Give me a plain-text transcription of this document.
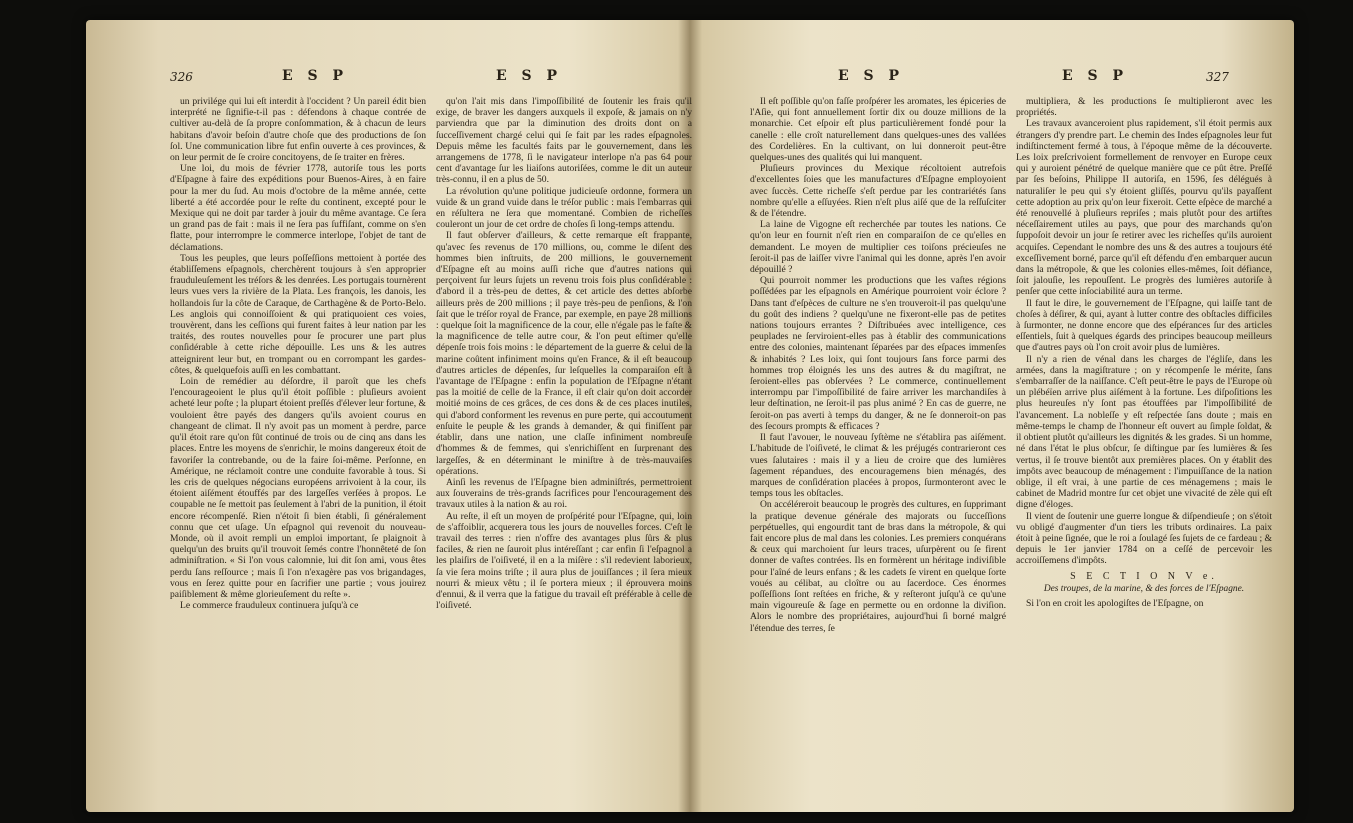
326	E S P	E S P

un privilége qui lui eſt interdit à l'occident ? Un pareil édit bien interprété ne ſignifie-t-il pas : défendons à chaque contrée de cultiver au-delà de ſa propre conſommation, & à chacun de leurs habitans d'avoir beſoin d'autre choſe que des productions de ſon ſol. Une communication libre fut enfin ouverte à ces provinces, & on leur permit de ſe croire concitoyens, de ſe traiter en frères.

Une loi, du mois de février 1778, autoriſe tous les ports d'Eſpagne à faire des expéditions pour Buenos-Aires, à en faire pour la mer du ſud. Au mois d'octobre de la même année, cette liberté a été accordée pour le reſte du continent, excepté pour le Mexique qui ne doit par tarder à jouir du même avantage. Ce ſera un grand pas de fait : mais il ne ſera pas ſuffiſant, comme on s'en flatte, pour interrompre le commerce interlope, l'objet de tant de déclamations.

Tous les peuples, que leurs poſſeſſions mettoient à portée des établiſſemens eſpagnols, cherchèrent toujours à s'en approprier frauduleuſement les tréſors & les denrées. Les portugais tournèrent leurs vues vers la rivière de la Plata. Les françois, les danois, les hollandois ſur la côte de Caraque, de Carthagène & de Porto-Belo. Les anglois qui connoiſſoient & qui pratiquoient ces voies, trouvèrent, dans les ceſſions qui furent faites à leur nation par les traités, des routes nouvelles pour ſe procurer une part plus conſidérable à cette riche dépouille. Les uns & les autres atteignirent leur but, en trompant ou en corrompant les gardes-côtes, & quelquefois auſſi en les combattant.

Loin de remédier au déſordre, il paroît que les chefs l'encourageoient le plus qu'il étoit poſſible : pluſieurs avoient acheté leur poſte ; la plupart étoient preſſés d'élever leur fortune, & vouloient être payés des dangers qu'ils avoient courus en changeant de climat. Il n'y avoit pas un moment à perdre, parce qu'il étoit rare qu'on fût continué de trois ou de cinq ans dans les places. Entre les moyens de s'enrichir, le moins dangereux étoit de favoriſer la contrebande, ou de la faire ſoi-même. Perſonne, en Amérique, ne réclamoit contre une conduite favorable à tous. Si les cris de quelques négocians européens arrivoient à la cour, ils étoient aiſément étouffés par des largeſſes verſées à propos. Le coupable ne ſe mettoit pas ſeulement à l'abri de la punition, il étoit encore récompenſé. Rien n'étoit ſi bien établi, ſi généralement connu que cet uſage. Un eſpagnol qui revenoit du nouveau-Monde, où il avoit rempli un emploi important, ſe plaignoit à quelqu'un des bruits qu'il trouvoit ſemés contre l'honnêteté de ſon adminiſtration. « Si l'on vous calomnie, lui dit ſon ami, vous êtes perdu ſans reſſource ; mais ſi l'on n'exagère pas vos brigandages, vous en ſerez quitte pour en ſacrifier une partie ; vous jouirez paiſiblement & même glorieuſement du reſte ».

Le commerce frauduleux continuera juſqu'à ce

qu'on l'ait mis dans l'impoſſibilité de ſoutenir les frais qu'il exige, de braver les dangers auxquels il expoſe, & jamais on n'y parviendra que par la diminution des droits dont on a ſucceſſivement chargé celui qui ſe fait par les rades eſpagnoles. Depuis même les facultés faits par le gouvernement, dans les arrangemens de 1778, ſi le navigateur interlope n'a pas 64 pour cent d'avantage ſur les liaiſons autoriſées, comme le dit un auteur très-connu, il en a plus de 50.

La révolution qu'une politique judicieuſe ordonne, formera un vuide & un grand vuide dans le tréſor public : mais l'embarras qui en réſultera ne ſera que momentané. Combien de richeſſes couleront un jour de cet ordre de choſes ſi long-temps attendu.

Il faut obſerver d'ailleurs, & cette remarque eſt frappante, qu'avec ſes revenus de 170 millions, ou, comme le diſent des hommes bien inſtruits, de 200 millions, le gouvernement d'Eſpagne eſt au moins auſſi riche que d'autres nations qui perçoivent ſur leurs ſujets un revenu trois fois plus conſidérable : d'abord il a très-peu de dettes, & cet article des dettes abſorbe ailleurs près de 200 millions ; il paye très-peu de penſions, & l'on ſait que le tréſor royal de France, par exemple, en paye 28 millions : quelque ſoit la magnificence de la cour, elle n'égale pas le faſte & la magnificence de telle autre cour, & l'on peut eſtimer qu'elle dépenſe trois fois moins : le département de la guerre & celui de la marine coûtent infiniment moins qu'en France, & il eſt beaucoup d'autres articles de dépenſes, ſur leſquelles la comparaiſon eſt à l'avantage de l'Eſpagne : enfin la population de l'Eſpagne n'étant pas la moitié de celle de la France, il eſt clair qu'on doit accorder moitié moins de ces grâces, de ces dons & de ces places inutiles, qui d'abord conforment les revenus en pure perte, qui accoutument enſuite le peuple & les grands à demander, & qui finiſſent par établir, dans une nation, une claſſe infiniment nombreuſe d'hommes & de femmes, qui s'enrichiſſent en ſurprenant des largeſſes, & en déterminant le miniſtre à de très-mauvaiſes opérations.

Ainſi les revenus de l'Eſpagne bien adminiſtrés, permettroient aux ſouverains de très-grands ſacrifices pour l'encouragement des travaux utiles à la nation & au roi.

Au reſte, il eſt un moyen de proſpérité pour l'Eſpagne, qui, loin de s'affoiblir, acquerera tous les jours de nouvelles forces. C'eſt le travail des terres : rien n'offre des avantages plus ſûrs & plus faciles, & rien ne ſauroit plus intéreſſant ; car enfin ſi l'eſpagnol a les plaiſirs de l'oiſiveté, il en a la miſère : s'il redevient laborieux, ſa vie ſera moins triſte ; il aura plus de jouiſſances ; il ſera mieux nourri & mieux vêtu ; il ſe portera mieux ; il éprouvera moins d'ennui, & il verra que la fatigue du travail eſt préférable à celle de l'oiſiveté.

E S P	E S P	327

Il eſt poſſible qu'on faſſe proſpérer les aromates, les épiceries de l'Aſie, qui font annuellement ſortir dix ou douze millions de la monarchie. Cet eſpoir eſt plus particulièrement fondé pour la canelle : elle croît naturellement dans quelques-unes des vallées des Cordelières. En la cultivant, on lui donneroit peut-être quelques-unes des qualités qui lui manquent.

Pluſieurs provinces du Mexique récoltoient autrefois d'excellentes ſoies que les manufactures d'Eſpagne employoient avec ſuccès. Cette richeſſe s'eſt perdue par les contrariétés ſans nombre qu'elle a eſſuyées. Rien n'eſt plus aiſé que de la reſſuſciter & de l'étendre.

La laine de Vigogne eſt recherchée par toutes les nations. Ce qu'on leur en fournit n'eſt rien en comparaiſon de ce qu'elles en demandent. Le moyen de multiplier ces toiſons précieuſes ne ſeroit-il pas de laiſſer vivre l'animal qui les donne, après l'en avoir dépouillé ?

Qui pourroit nommer les productions que les vaſtes régions poſſédées par les eſpagnols en Amérique pourroient voir éclore ? Dans tant d'eſpèces de culture ne s'en trouveroit-il pas quelqu'une du goût des indiens ? quelqu'une ne fixeront-elle pas de petites nations toujours errantes ? Diſtribuées avec intelligence, ces peuplades ne ſerviroient-elles pas à établir des communications entre des colonies, maintenant ſéparées par des eſpaces immenſes & inhabités ? Les loix, qui ſont toujours ſans force parmi des hommes trop éloignés les uns des autres & du magiſtrat, ne ſeroient-elles pas obſervées ? Le commerce, continuellement interrompu par l'impoſſibilité de faire arriver les marchandiſes à leur deſtination, ne ſeroit-il pas plus animé ? En cas de guerre, ne ſeroit-on pas averti à temps du danger, & ne ſe donneroit-on pas des ſecours prompts & efficaces ?

Il faut l'avouer, le nouveau ſyſtème ne s'établira pas aiſément. L'habitude de l'oiſiveté, le climat & les préjugés contrarieront ces vues ſalutaires : mais il y a lieu de croire que des lumières ſagement répandues, des encouragemens bien ménagés, des marques de conſidération placées à propos, ſurmonteront avec le temps tous les obſtacles.

On accéléreroit beaucoup le progrès des cultures, en ſupprimant la pratique devenue générale des majorats ou ſucceſſions perpétuelles, qui engourdit tant de bras dans la métropole, & qui fait encore plus de mal dans les colonies. Les premiers conquérans & ceux qui marchoient ſur leurs traces, uſurpèrent ou ſe firent donner de vaſtes contrées. Ils en formèrent un héritage indiviſible pour l'aîné de leurs enfans ; & les cadets ſe virent en quelque ſorte voués au célibat, au cloître ou au ſacerdoce. Ces énormes poſſeſſions ſont reſtées en friche, & y reſteront juſqu'à ce qu'une main vigoureuſe & ſage en permette ou en ordonne la diviſion. Alors le nombre des propriétaires, aujourd'hui ſi borné malgré l'étendue des terres, ſe

multipliera, & les productions ſe multiplieront avec les propriétés.

Les travaux avanceroient plus rapidement, s'il étoit permis aux étrangers d'y prendre part. Le chemin des Indes eſpagnoles leur fut indiſtinctement fermé à tous, à l'époque même de la découverte. Les loix preſcrivoient formellement de renvoyer en Europe ceux qui y auroient pénétré de quelque manière que ce pût être. Preſſé par ſes beſoins, Philippe II autoriſa, en 1596, ſes délégués à naturaliſer le peu qui s'y étoient gliſſés, pourvu qu'ils payaſſent cette adoption au prix qu'on leur fixeroit. Cette eſpèce de marché a été renouvellé à pluſieurs repriſes ; mais plutôt pour des artiſtes néceſſairement utiles au pays, que pour des marchands qu'on ſuppoſoit devoir un jour ſe retirer avec les richeſſes qu'ils auroient acquiſes. Cependant le nombre des uns & des autres a toujours été exceſſivement borné, parce qu'il eſt défendu d'en embarquer aucun dans la métropole, & que les colonies elles-mêmes, ſoit défiance, ſoit jalouſie, les repouſſent. Le progrès des lumières autoriſe à penſer que cette inſociabilité aura un terme.

Il faut le dire, le gouvernement de l'Eſpagne, qui laiſſe tant de choſes à déſirer, & qui, ayant à lutter contre des obſtacles difficiles à ſurmonter, ne donne encore que des eſpérances ſur des articles eſſentiels, ſuit à quelques égards des principes beaucoup meilleurs que d'autres pays où l'on croit avoir plus de lumières.

Il n'y a rien de vénal dans les charges de l'égliſe, dans les armées, dans la magiſtrature ; on y récompenſe le mérite, ſans s'embarraſſer de la naiſſance. C'eſt peut-être le pays de l'Europe où un plébéïen arrive plus aiſément à la fortune. Les diſpoſitions les plus heureuſes n'y ſont pas étouffées par l'impoſſibilité de l'avancement. La nobleſſe y eſt reſpectée ſans doute ; mais en même-temps le champ de l'honneur eſt ouvert au ſimple ſoldat, & il obtient plutôt qu'ailleurs les dignités & les grades. Si un homme, né dans l'état le plus obſcur, ſe diſtingue par ſes lumières & ſes vertus, il ſe trouve bientôt aux premières places. On y établit des impôts avec beaucoup de ménagement : l'impuiſſance de la nation oblige, il eſt vrai, à une partie de ces ménagemens ; mais le cabinet de Madrid montre ſur cet objet une vivacité de zèle qui eſt digne d'éloges.

Il vient de ſoutenir une guerre longue & diſpendieuſe ; on s'étoit vu obligé d'augmenter d'un tiers les tributs ordinaires. La paix étoit à peine ſignée, que le roi a ſoulagé ſes ſujets de ce fardeau ; & depuis le 1er janvier 1784 on a ceſſé de percevoir les accroiſſemens d'impôts.

S E C T I O N V e.
Des troupes, de la marine, & des forces de l'Eſpagne.

Si l'on en croit les apologiſtes de l'Eſpagne, on
